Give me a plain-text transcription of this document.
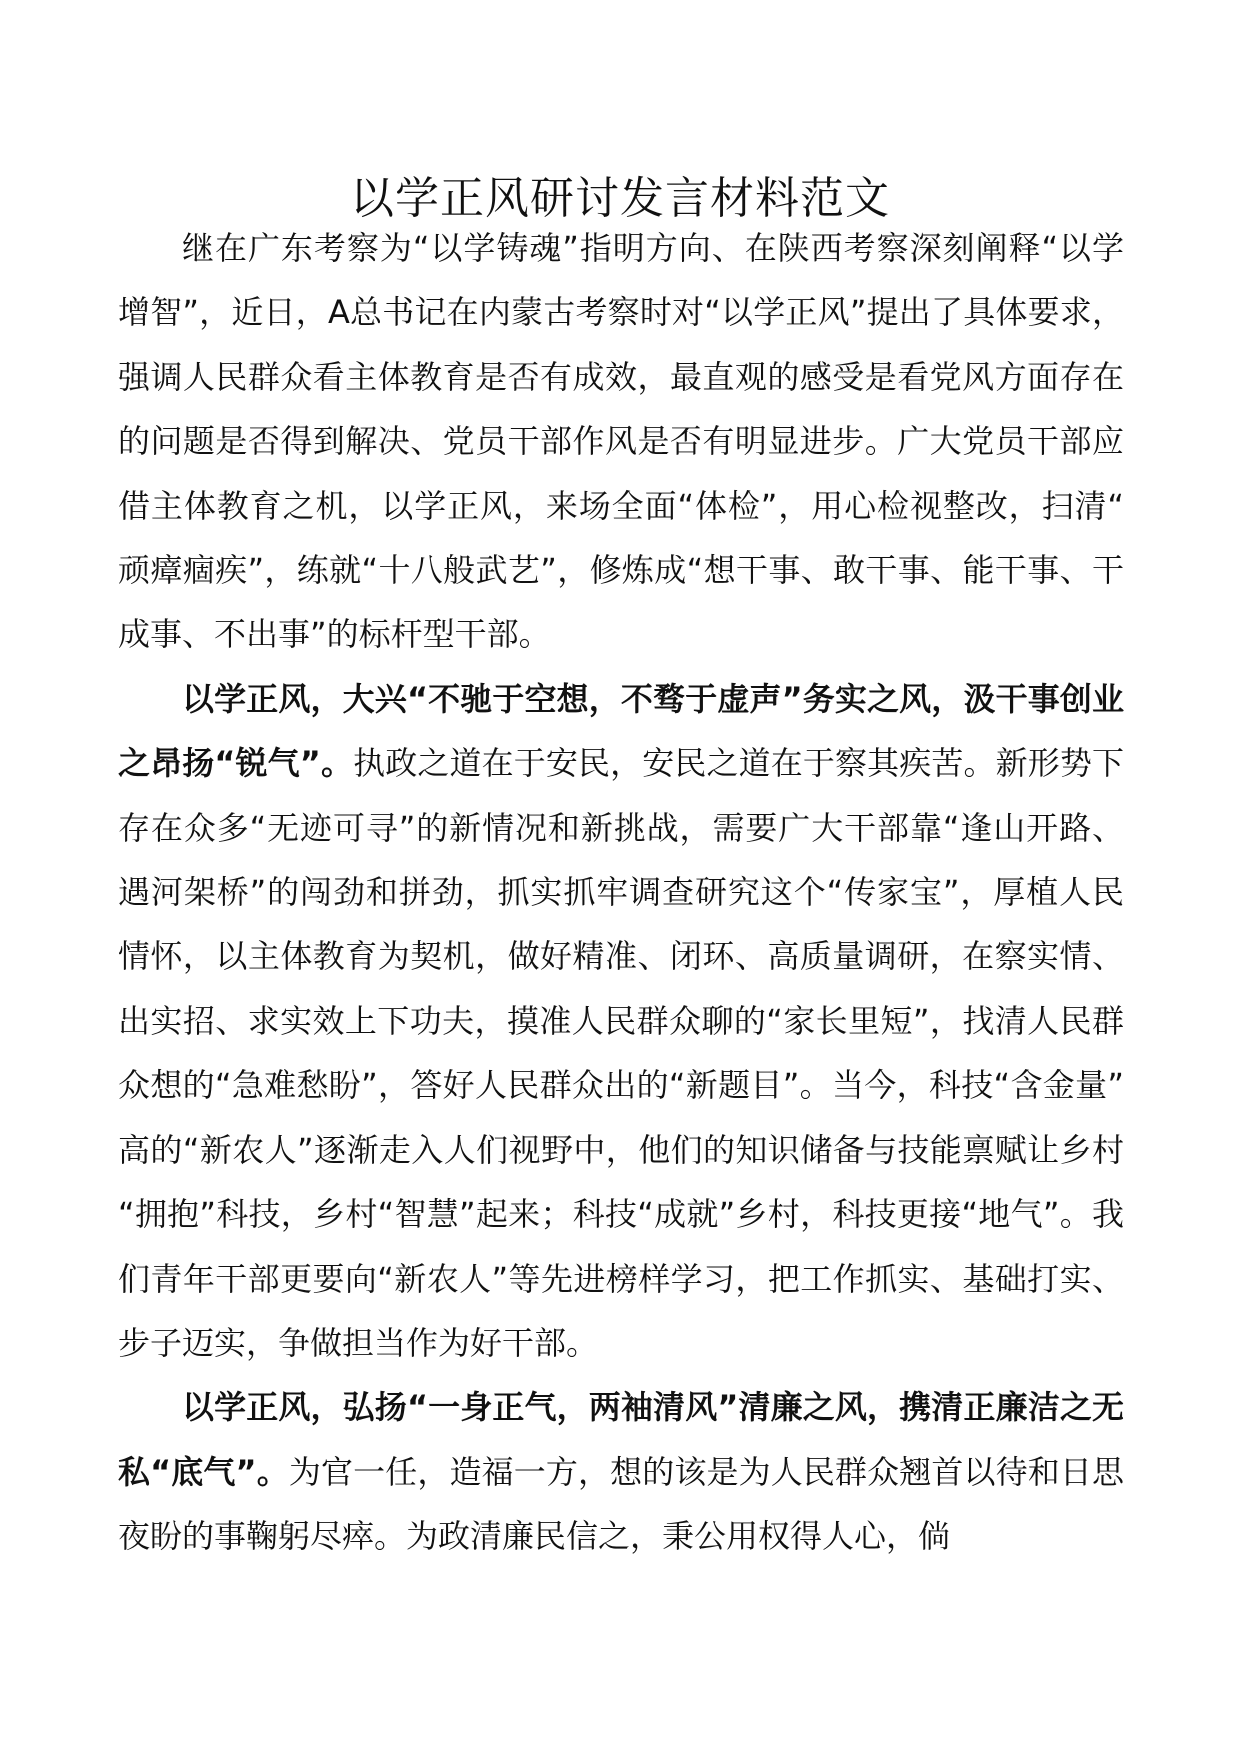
以学正风研讨发言材料范文

继在广东考察为“以学铸魂”指明方向、在陕西考察深刻阐释“以学增智”，近日，A总书记在内蒙古考察时对“以学正风”提出了具体要求，强调人民群众看主体教育是否有成效，最直观的感受是看党风方面存在的问题是否得到解决、党员干部作风是否有明显进步。广大党员干部应借主体教育之机，以学正风，来场全面“体检”，用心检视整改，扫清“顽瘴痼疾”，练就“十八般武艺”，修炼成“想干事、敢干事、能干事、干成事、不出事”的标杆型干部。

以学正风，大兴“不驰于空想，不骛于虚声”务实之风，汲干事创业之昂扬“锐气”。执政之道在于安民，安民之道在于察其疾苦。新形势下存在众多“无迹可寻”的新情况和新挑战，需要广大干部靠“逢山开路、遇河架桥”的闯劲和拼劲，抓实抓牢调查研究这个“传家宝”，厚植人民情怀，以主体教育为契机，做好精准、闭环、高质量调研，在察实情、出实招、求实效上下功夫，摸准人民群众聊的“家长里短”，找清人民群众想的“急难愁盼”，答好人民群众出的“新题目”。当今，科技“含金量”高的“新农人”逐渐走入人们视野中，他们的知识储备与技能禀赋让乡村“拥抱”科技，乡村“智慧”起来；科技“成就”乡村，科技更接“地气”。我们青年干部更要向“新农人”等先进榜样学习，把工作抓实、基础打实、步子迈实，争做担当作为好干部。

以学正风，弘扬“一身正气，两袖清风”清廉之风，携清正廉洁之无私“底气”。为官一任，造福一方，想的该是为人民群众翘首以待和日思夜盼的事鞠躬尽瘁。为政清廉民信之，秉公用权得人心，倘
